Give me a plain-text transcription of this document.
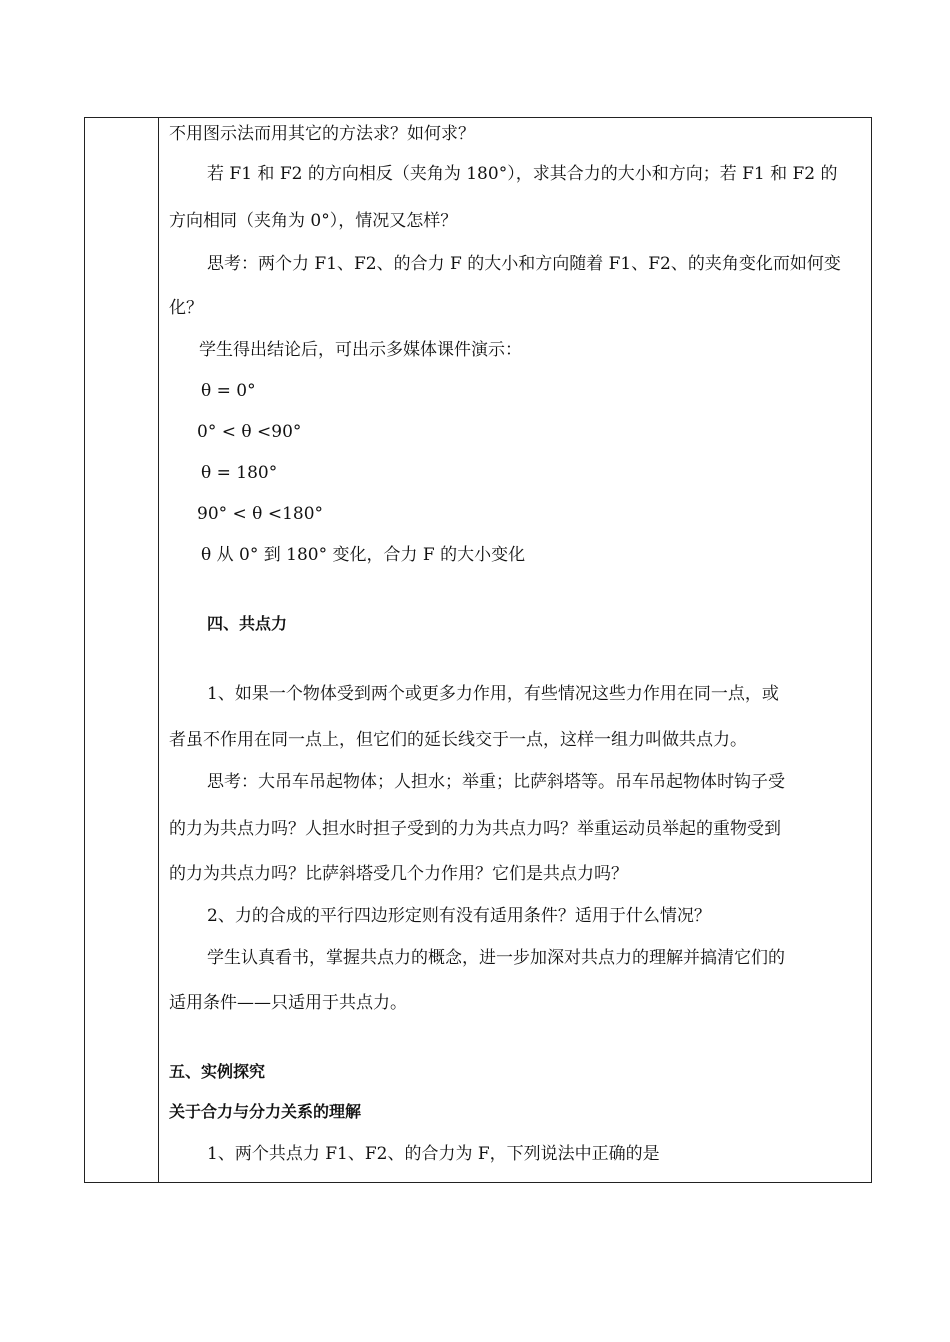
不用图示法而用其它的方法求？如何求？
若 F1 和 F2 的方向相反（夹角为 180°），求其合力的大小和方向；若 F1 和 F2 的
方向相同（夹角为 0°），情况又怎样？
思考：两个力 F1、F2、的合力 F 的大小和方向随着 F1、F2、的夹角变化而如何变
化？
学生得出结论后，可出示多媒体课件演示：
θ = 0°
0° < θ <90°
θ = 180°
90° < θ <180°
θ 从 0° 到 180° 变化，合力 F 的大小变化
四、共点力
1、如果一个物体受到两个或更多力作用，有些情况这些力作用在同一点，或
者虽不作用在同一点上，但它们的延长线交于一点，这样一组力叫做共点力。
思考：大吊车吊起物体；人担水；举重；比萨斜塔等。吊车吊起物体时钩子受
的力为共点力吗？人担水时担子受到的力为共点力吗？举重运动员举起的重物受到
的力为共点力吗？比萨斜塔受几个力作用？它们是共点力吗？
2、力的合成的平行四边形定则有没有适用条件？适用于什么情况？
学生认真看书，掌握共点力的概念，进一步加深对共点力的理解并搞清它们的
适用条件——只适用于共点力。
五、实例探究
关于合力与分力关系的理解
1、两个共点力 F1、F2、的合力为 F，下列说法中正确的是
